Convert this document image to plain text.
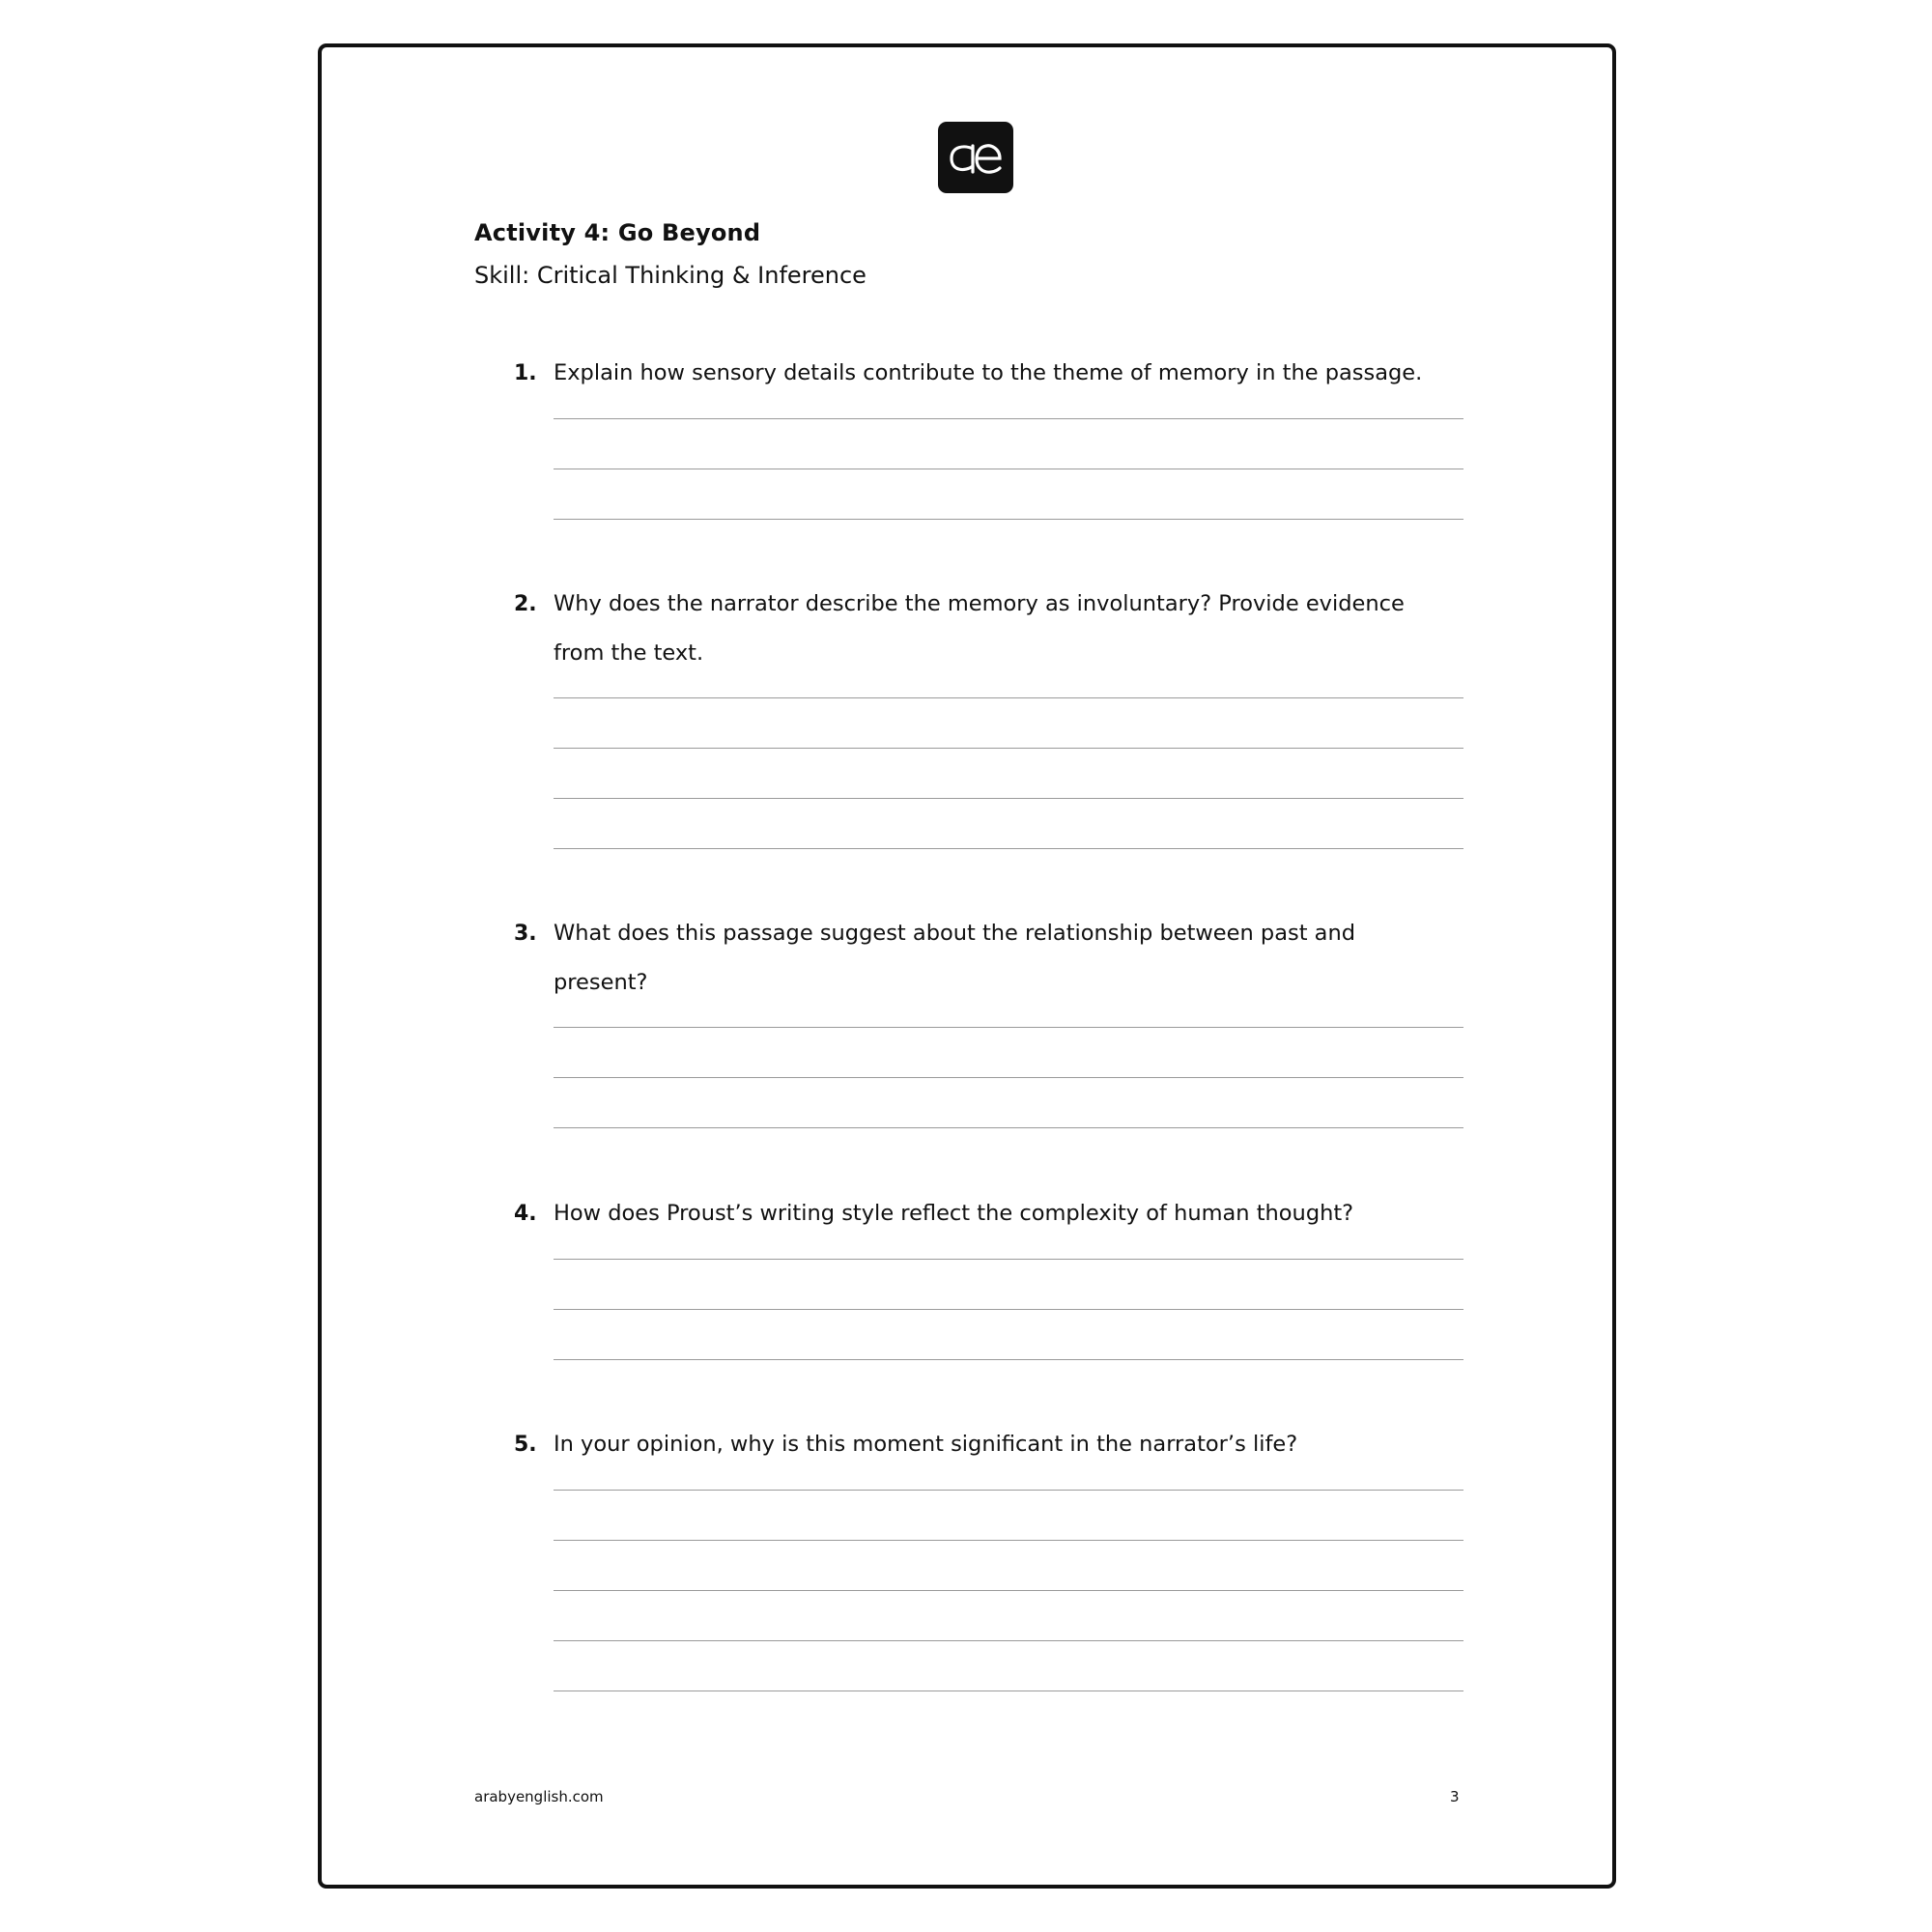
Activity 4: Go Beyond
Skill: Critical Thinking & Inference
1. Explain how sensory details contribute to the theme of memory in the passage.
2. Why does the narrator describe the memory as involuntary? Provide evidence from the text.
3. What does this passage suggest about the relationship between past and present?
4. How does Proust’s writing style reflect the complexity of human thought?
5. In your opinion, why is this moment significant in the narrator’s life?
arabyenglish.com	3
